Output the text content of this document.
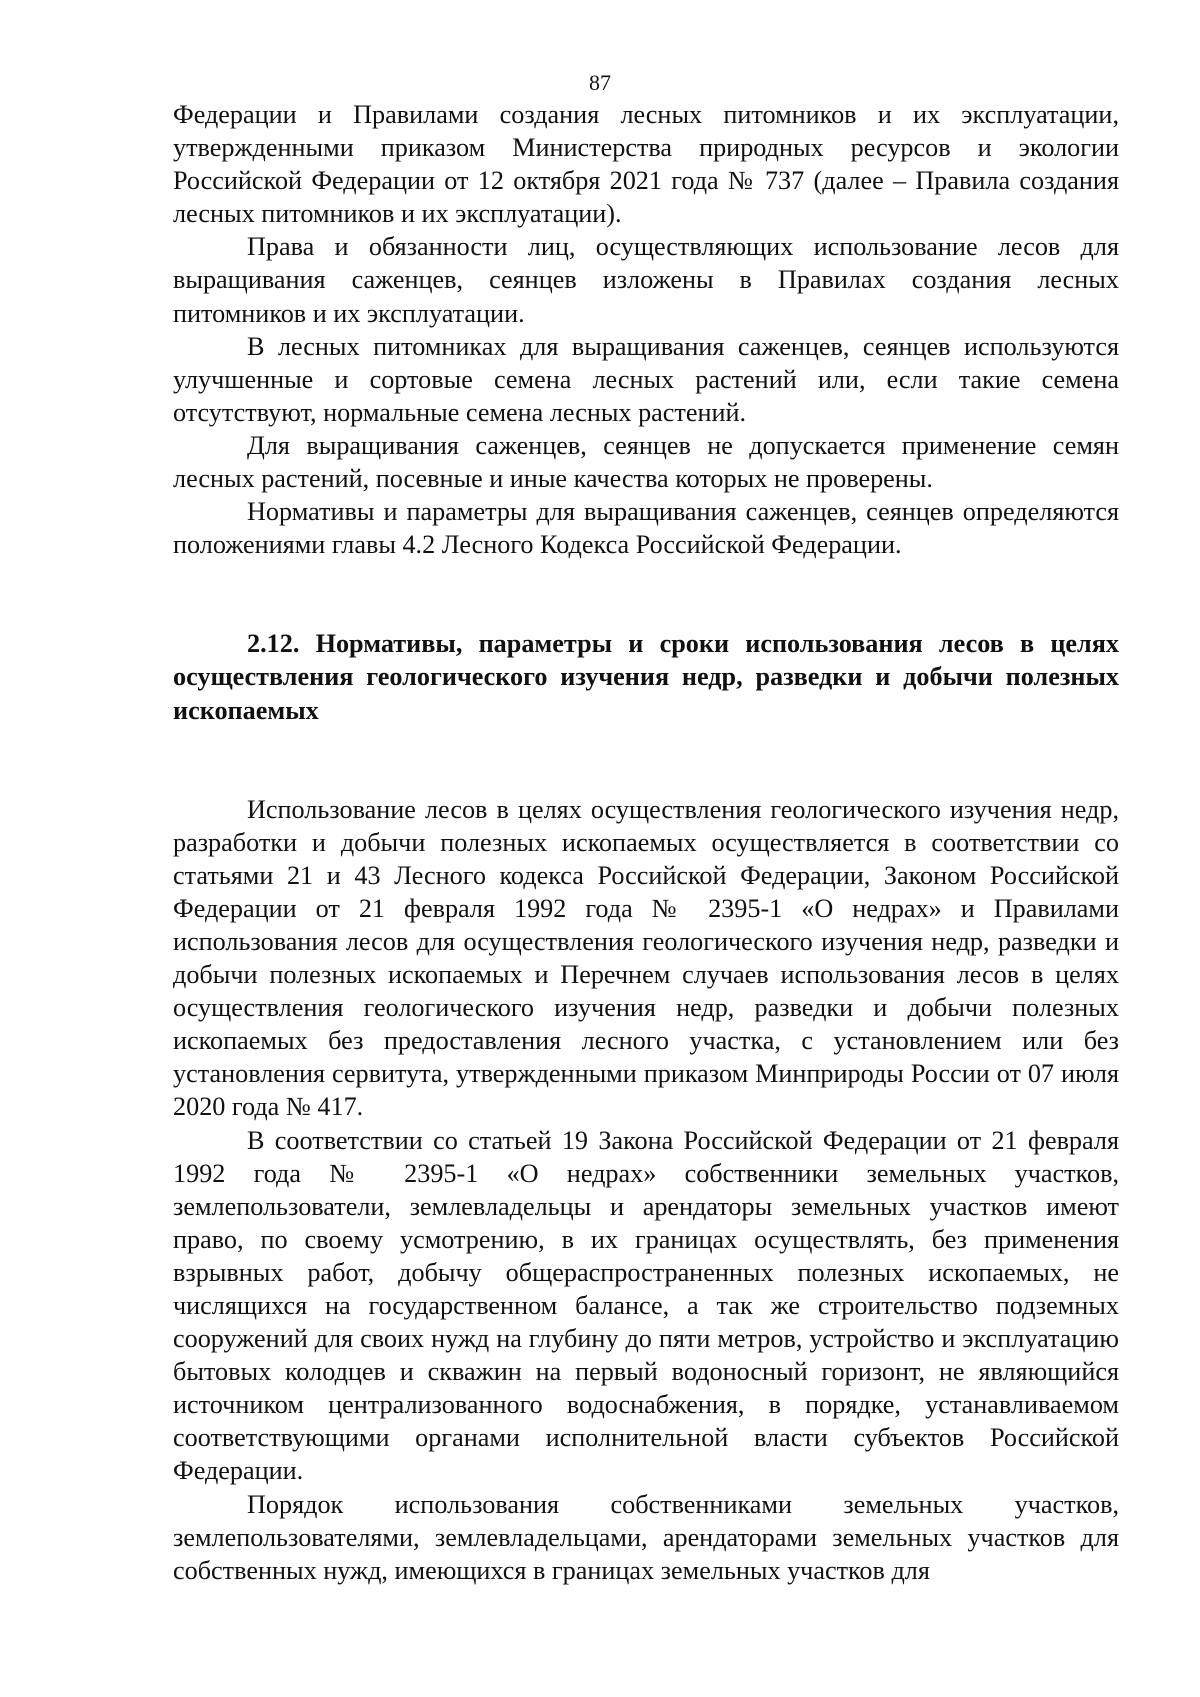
87

Федерации и Правилами создания лесных питомников и их эксплуатации, утвержденными приказом Министерства природных ресурсов и экологии Российской Федерации от 12 октября 2021 года № 737 (далее – Правила создания лесных питомников и их эксплуатации).

Права и обязанности лиц, осуществляющих использование лесов для выращивания саженцев, сеянцев изложены в Правилах создания лесных питомников и их эксплуатации.

В лесных питомниках для выращивания саженцев, сеянцев используются улучшенные и сортовые семена лесных растений или, если такие семена отсутствуют, нормальные семена лесных растений.

Для выращивания саженцев, сеянцев не допускается применение семян лесных растений, посевные и иные качества которых не проверены.

Нормативы и параметры для выращивания саженцев, сеянцев определяются положениями главы 4.2 Лесного Кодекса Российской Федерации.

2.12. Нормативы, параметры и сроки использования лесов в целях осуществления геологического изучения недр, разведки и добычи полезных ископаемых

Использование лесов в целях осуществления геологического изучения недр, разработки и добычи полезных ископаемых осуществляется в соответствии со статьями 21 и 43 Лесного кодекса Российской Федерации, Законом Российской Федерации от 21 февраля 1992 года № 2395-1 «О недрах» и Правилами использования лесов для осуществления геологического изучения недр, разведки и добычи полезных ископаемых и Перечнем случаев использования лесов в целях осуществления геологического изучения недр, разведки и добычи полезных ископаемых без предоставления лесного участка, с установлением или без установления сервитута, утвержденными приказом Минприроды России от 07 июля 2020 года № 417.

В соответствии со статьей 19 Закона Российской Федерации от 21 февраля 1992 года № 2395-1 «О недрах» собственники земельных участков, землепользователи, землевладельцы и арендаторы земельных участков имеют право, по своему усмотрению, в их границах осуществлять, без применения взрывных работ, добычу общераспространенных полезных ископаемых, не числящихся на государственном балансе, а так же строительство подземных сооружений для своих нужд на глубину до пяти метров, устройство и эксплуатацию бытовых колодцев и скважин на первый водоносный горизонт, не являющийся источником централизованного водоснабжения, в порядке, устанавливаемом соответствующими органами исполнительной власти субъектов Российской Федерации.

Порядок использования собственниками земельных участков, землепользователями, землевладельцами, арендаторами земельных участков для собственных нужд, имеющихся в границах земельных участков для
